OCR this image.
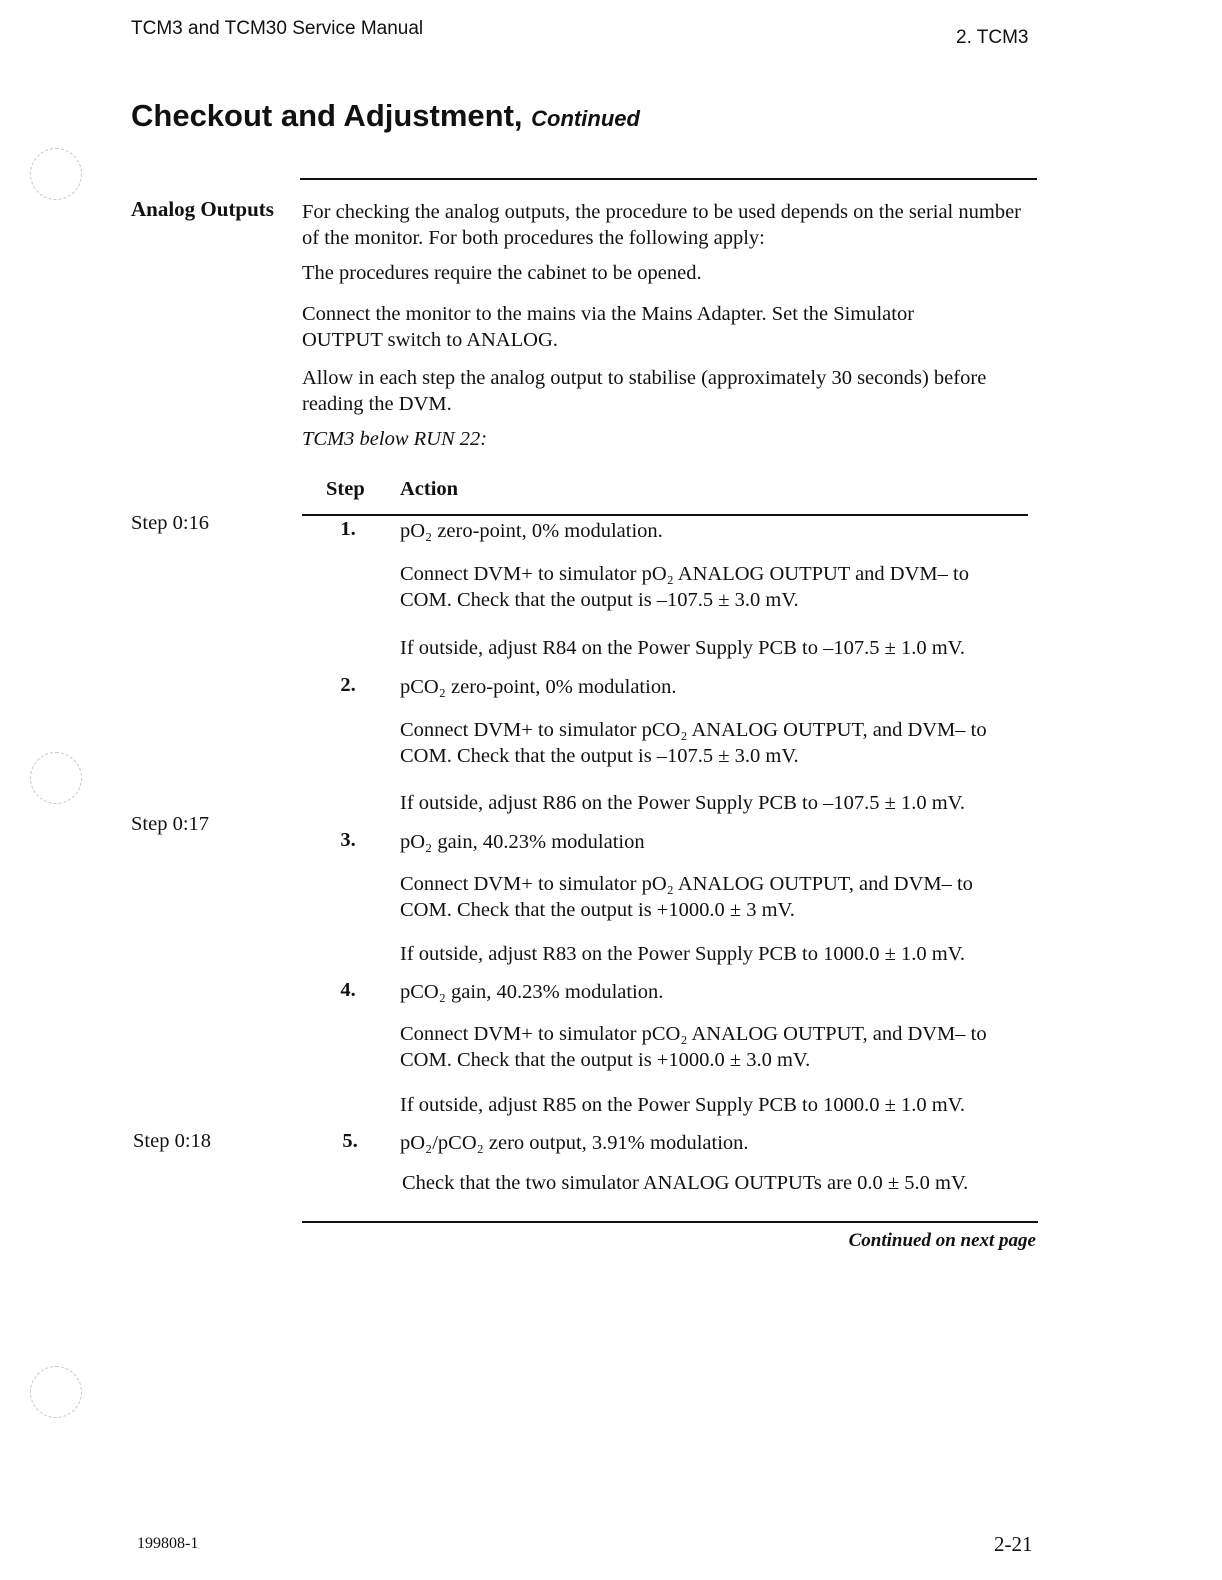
TCM3 and TCM30 Service Manual	2. TCM3
Checkout and Adjustment, Continued
Analog Outputs For checking the analog outputs, the procedure to be used depends on the serial number of the monitor. For both procedures the following apply:
The procedures require the cabinet to be opened.
Connect the monitor to the mains via the Mains Adapter. Set the Simulator OUTPUT switch to ANALOG.
Allow in each step the analog output to stabilise (approximately 30 seconds) before reading the DVM.
TCM3 below RUN 22:
Step Action
Step 0:16
Step 0:17
Step 0:18
1.	pO₂ zero-point, 0% modulation.
Connect DVM+ to simulator pO₂ ANALOG OUTPUT and DVM– to COM. Check that the output is –107.5 ± 3.0 mV.
If outside, adjust R84 on the Power Supply PCB to –107.5 ± 1.0 mV.
2.	pCO₂ zero-point, 0% modulation.
Connect DVM+ to simulator pCO₂ ANALOG OUTPUT, and DVM– to COM. Check that the output is –107.5 ± 3.0 mV.
If outside, adjust R86 on the Power Supply PCB to –107.5 ± 1.0 mV.
3.	pO₂ gain, 40.23% modulation
Connect DVM+ to simulator pO₂ ANALOG OUTPUT, and DVM– to COM. Check that the output is +1000.0 ± 3 mV.
If outside, adjust R83 on the Power Supply PCB to 1000.0 ± 1.0 mV.
4.	pCO₂ gain, 40.23% modulation.
Connect DVM+ to simulator pCO₂ ANALOG OUTPUT, and DVM– to COM. Check that the output is +1000.0 ± 3.0 mV.
If outside, adjust R85 on the Power Supply PCB to 1000.0 ± 1.0 mV.
5.	pO₂/pCO₂ zero output, 3.91% modulation.
Check that the two simulator ANALOG OUTPUTs are 0.0 ± 5.0 mV.
Continued on next page
199808-1	2-21
